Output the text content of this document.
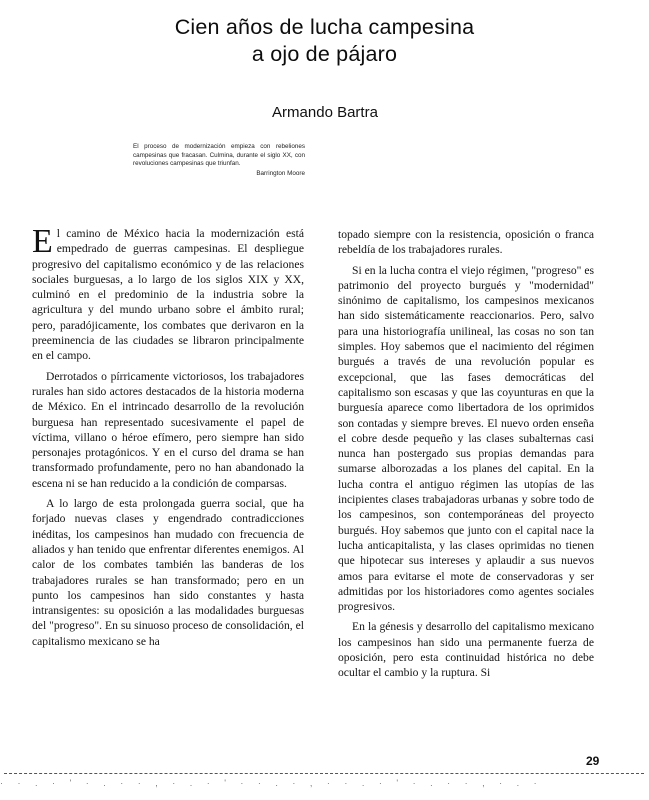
Cien años de lucha campesina
a ojo de pájaro
Armando Bartra
El proceso de modernización empieza con rebeliones campesinas que fracasan. Culmina, durante el siglo XX, con revoluciones campesinas que triunfan.
Barrington Moore

El camino de México hacia la modernización está empedrado de guerras campesinas. El despliegue progresivo del capitalismo económico y de las relaciones sociales burguesas, a lo largo de los siglos XIX y XX, culminó en el predominio de la industria sobre la agricultura y del mundo urbano sobre el ámbito rural; pero, paradójicamente, los combates que derivaron en la preeminencia de las ciudades se libraron principalmente en el campo.

Derrotados o pírricamente victoriosos, los trabajadores rurales han sido actores destacados de la historia moderna de México. En el intrincado desarrollo de la revolución burguesa han representado sucesivamente el papel de víctima, villano o héroe efímero, pero siempre han sido personajes protagónicos. Y en el curso del drama se han transformado profundamente, pero no han abandonado la escena ni se han reducido a la condición de comparsas.

A lo largo de esta prolongada guerra social, que ha forjado nuevas clases y engendrado contradicciones inéditas, los campesinos han mudado con frecuencia de aliados y han tenido que enfrentar diferentes enemigos. Al calor de los combates también las banderas de los trabajadores rurales se han transformado; pero en un punto los campesinos han sido constantes y hasta intransigentes: su oposición a las modalidades burguesas del "progreso". En su sinuoso proceso de consolidación, el capitalismo mexicano se ha

topado siempre con la resistencia, oposición o franca rebeldía de los trabajadores rurales.

Si en la lucha contra el viejo régimen, "progreso" es patrimonio del proyecto burgués y "modernidad" sinónimo de capitalismo, los campesinos mexicanos han sido sistemáticamente reaccionarios. Pero, salvo para una historiografía unilineal, las cosas no son tan simples. Hoy sabemos que el nacimiento del régimen burgués a través de una revolución popular es excepcional, que las fases democráticas del capitalismo son escasas y que las coyunturas en que la burguesía aparece como libertadora de los oprimidos son contadas y siempre breves. El nuevo orden enseña el cobre desde pequeño y las clases subalternas casi nunca han postergado sus propias demandas para sumarse alborozadas a los planes del capital. En la lucha contra el antiguo régimen las utopías de las incipientes clases trabajadoras urbanas y sobre todo de los campesinos, son contemporáneas del proyecto burgués. Hoy sabemos que junto con el capital nace la lucha anticapitalista, y las clases oprimidas no tienen que hipotecar sus intereses y aplaudir a sus nuevos amos para evitarse el mote de conservadoras y ser admitidas por los historiadores como agentes sociales progresivos.

En la génesis y desarrollo del capitalismo mexicano los campesinos han sido una permanente fuerza de oposición, pero esta continuidad histórica no debe ocultar el cambio y la ruptura. Si

29
· · . · ' · . · · , · . · ' · · . · , · · . · ' · . · · , · . ·
